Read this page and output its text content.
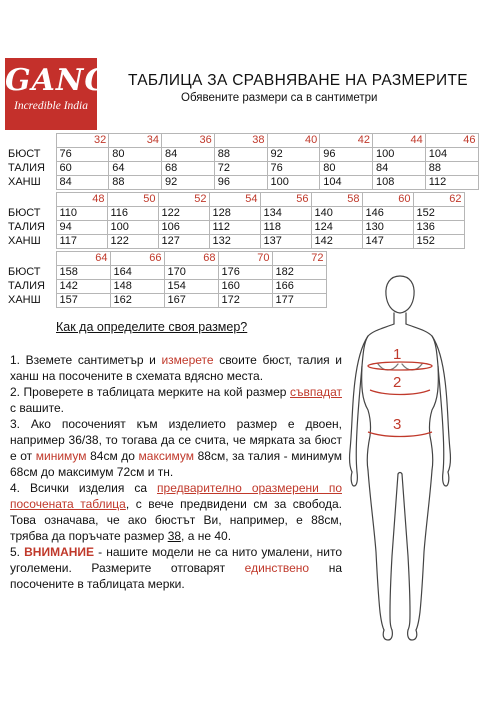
GANG
Incredible India
ТАБЛИЦА ЗА СРАВНЯВАНЕ НА РАЗМЕРИТЕ
Обявените размери са в сантиметри
	32	34	36	38	40	42	44	46
БЮСТ	76	80	84	88	92	96	100	104
ТАЛИЯ	60	64	68	72	76	80	84	88
ХАНШ	84	88	92	96	100	104	108	112
	48	50	52	54	56	58	60	62
БЮСТ	110	116	122	128	134	140	146	152
ТАЛИЯ	94	100	106	112	118	124	130	136
ХАНШ	117	122	127	132	137	142	147	152
	64	66	68	70	72
БЮСТ	158	164	170	176	182
ТАЛИЯ	142	148	154	160	166
ХАНШ	157	162	167	172	177
Как да определите своя размер?

1. Вземете сантиметър и измерете своите бюст, талия и ханш на посочените в схемата вдясно места.

2. Проверете в таблицата мерките на кой размер съвпадат с вашите.

3. Ако посоченият към изделието размер е двоен, например 36/38, то тогава да се счита, че мярката за бюст е от минимум 84см до максимум 88см, за талия - минимум 68см до максимум 72см и тн.

4. Всички изделия са предварително оразмерени по посочената таблица, с вече предвидени см за свобода. Това означава, че ако бюстът Ви, например, е 88см, трябва да поръчате размер 38, а не 40.

5. ВНИМАНИЕ - нашите модели не са нито умалени, нито уголемени. Размерите отговарят единствено на посочените в таблицата мерки.

1
2
3
